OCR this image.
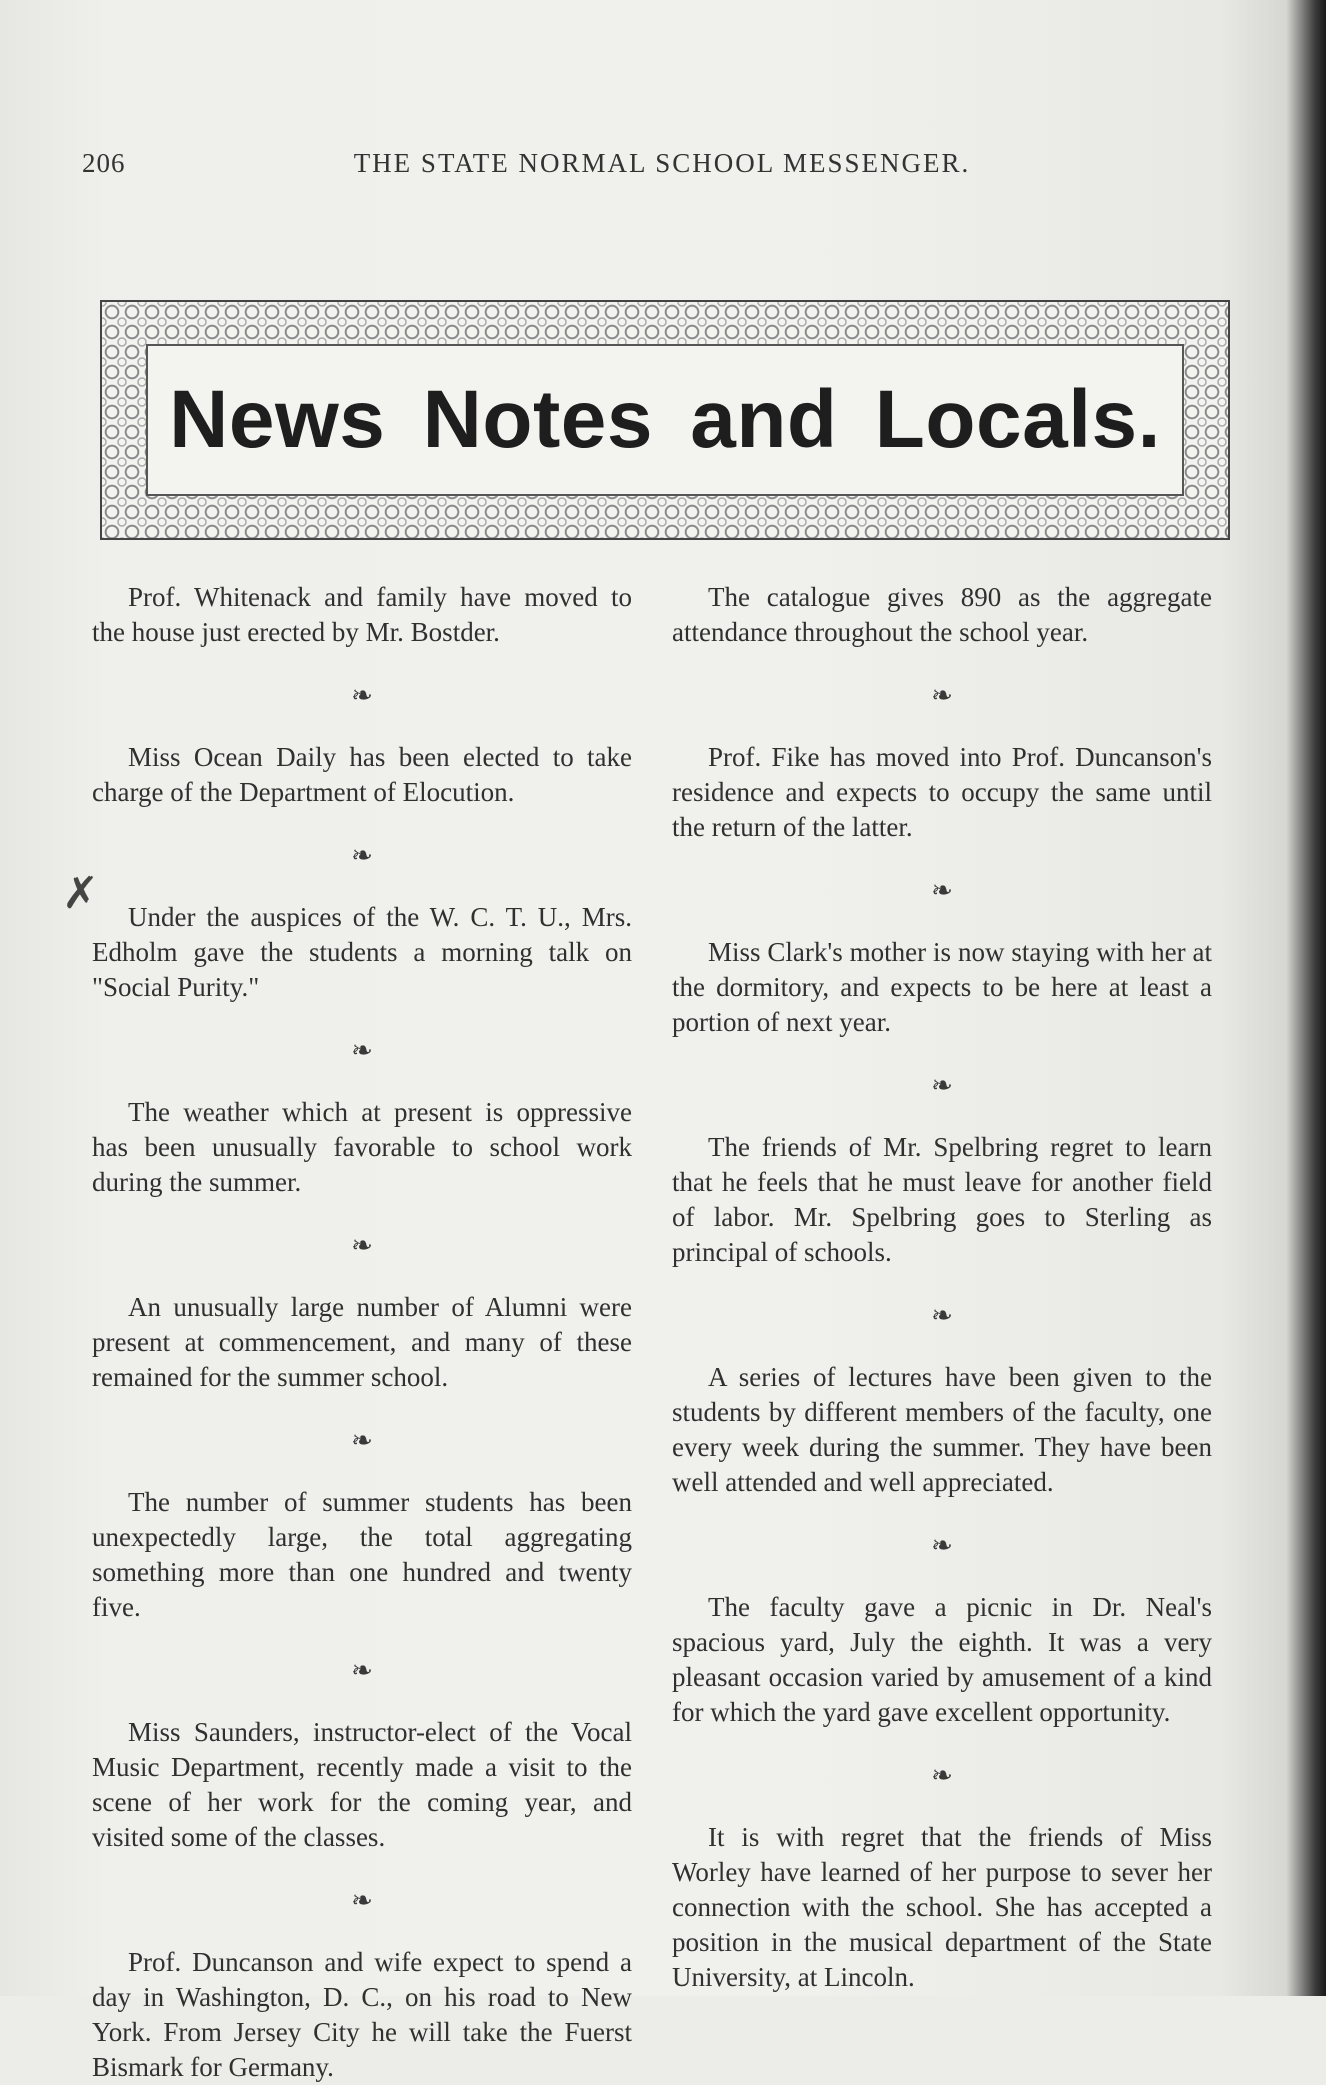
206	THE STATE NORMAL SCHOOL MESSENGER.
News Notes and Locals.
✗

Prof. Whitenack and family have moved to the house just erected by Mr. Bostder.

❧

Miss Ocean Daily has been elected to take charge of the Department of Elocution.

❧

Under the auspices of the W. C. T. U., Mrs. Edholm gave the students a morning talk on "Social Purity."

❧

The weather which at present is oppressive has been unusually favorable to school work during the summer.

❧

An unusually large number of Alumni were present at commencement, and many of these remained for the summer school.

❧

The number of summer students has been unexpectedly large, the total aggregating something more than one hundred and twenty five.

❧

Miss Saunders, instructor-elect of the Vocal Music Department, recently made a visit to the scene of her work for the coming year, and visited some of the classes.

❧

Prof. Duncanson and wife expect to spend a day in Washington, D. C., on his road to New York. From Jersey City he will take the Fuerst Bismark for Germany.

The catalogue gives 890 as the aggregate attendance throughout the school year.

❧

Prof. Fike has moved into Prof. Duncanson's residence and expects to occupy the same until the return of the latter.

❧

Miss Clark's mother is now staying with her at the dormitory, and expects to be here at least a portion of next year.

❧

The friends of Mr. Spelbring regret to learn that he feels that he must leave for another field of labor. Mr. Spelbring goes to Sterling as principal of schools.

❧

A series of lectures have been given to the students by different members of the faculty, one every week during the summer. They have been well attended and well appreciated.

❧

The faculty gave a picnic in Dr. Neal's spacious yard, July the eighth. It was a very pleasant occasion varied by amusement of a kind for which the yard gave excellent opportunity.

❧

It is with regret that the friends of Miss Worley have learned of her purpose to sever her connection with the school. She has accepted a position in the musical department of the State University, at Lincoln.
